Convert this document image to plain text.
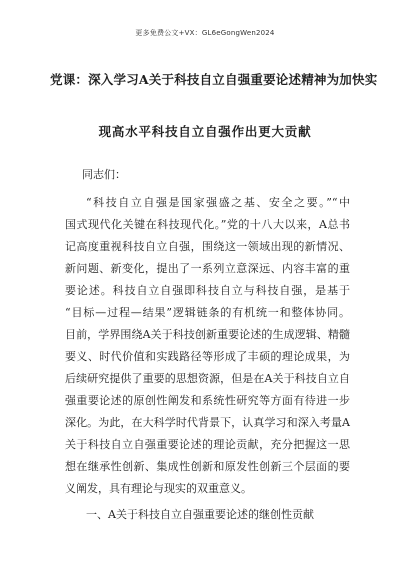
更多免费公文+VX：GL6eGongWen2024
党课：深入学习A关于科技自立自强重要论述精神为加快实
现高水平科技自立自强作出更大贡献
同志们：
“科技自立自强是国家强盛之基、安全之要。”“中
国式现代化关键在科技现代化。”党的十八大以来，A总书
记高度重视科技自立自强，围绕这一领域出现的新情况、
新问题、新变化，提出了一系列立意深远、内容丰富的重
要论述。科技自立自强即科技自立与科技自强，是基于
“目标—过程—结果”逻辑链条的有机统一和整体协同。
目前，学界围绕A关于科技创新重要论述的生成逻辑、精髓
要义、时代价值和实践路径等形成了丰硕的理论成果，为
后续研究提供了重要的思想资源，但是在A关于科技自立自
强重要论述的原创性阐发和系统性研究等方面有待进一步
深化。为此，在大科学时代背景下，认真学习和深入考量A
关于科技自立自强重要论述的理论贡献，充分把握这一思
想在继承性创新、集成性创新和原发性创新三个层面的要
义阐发，具有理论与现实的双重意义。
一、A关于科技自立自强重要论述的继创性贡献
